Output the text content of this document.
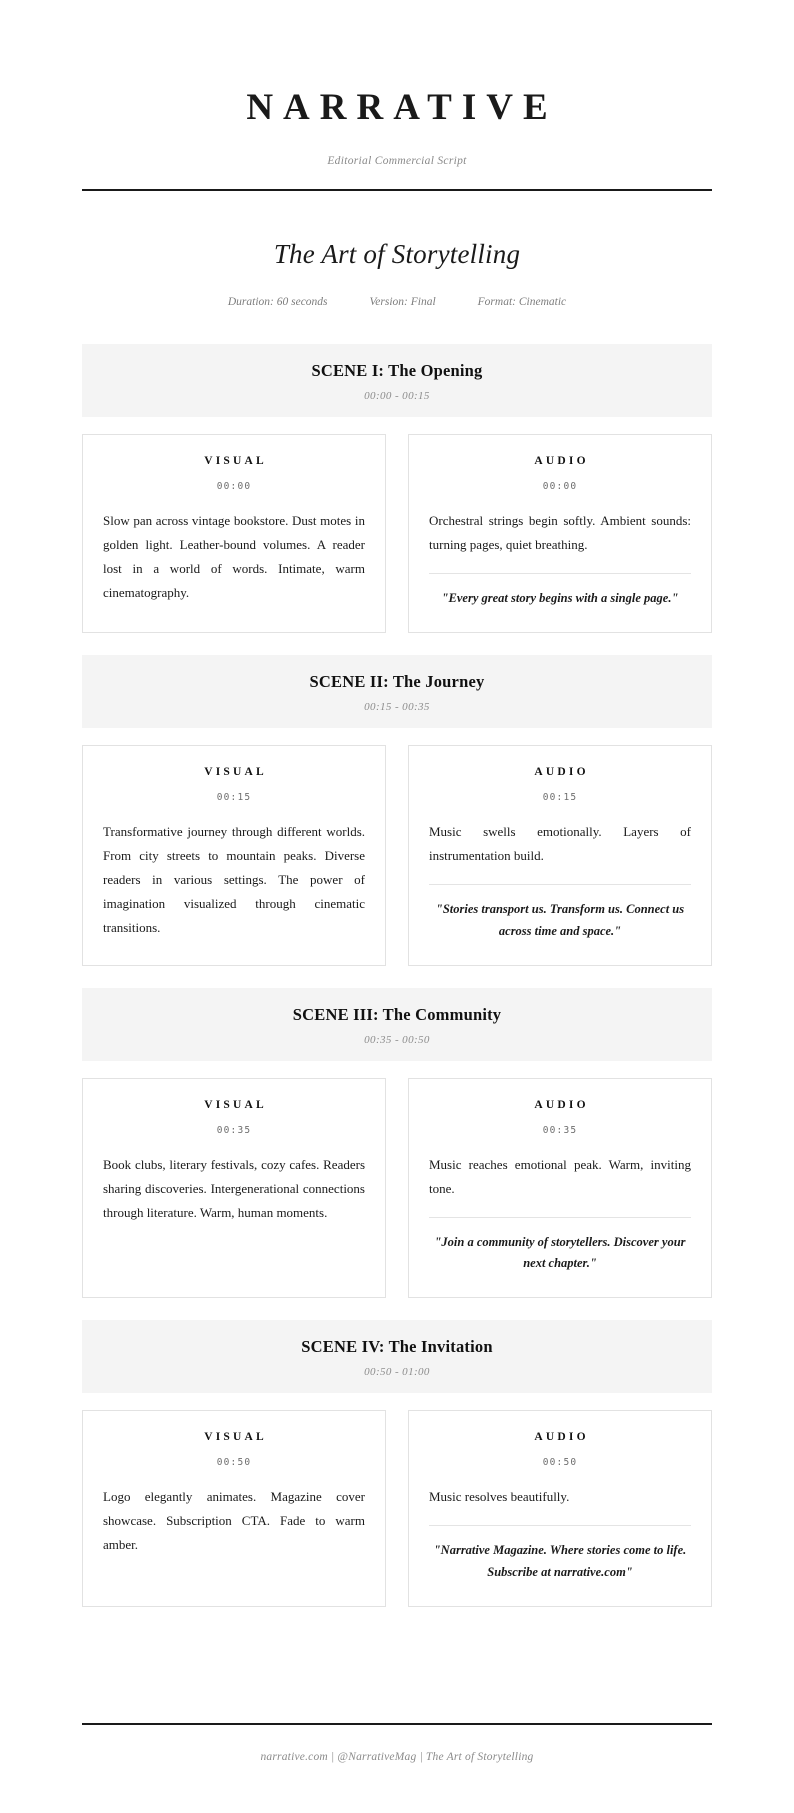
NARRATIVE
Editorial Commercial Script
The Art of Storytelling
Duration: 60 seconds	Version: Final	Format: Cinematic
SCENE I: The Opening
00:00 - 00:15
VISUAL
00:00

Slow pan across vintage bookstore. Dust motes in golden light. Leather-bound volumes. A reader lost in a world of words. Intimate, warm cinematography.

AUDIO
00:00

Orchestral strings begin softly. Ambient sounds: turning pages, quiet breathing.

"Every great story begins with a single page."

SCENE II: The Journey
00:15 - 00:35
VISUAL
00:15

Transformative journey through different worlds. From city streets to mountain peaks. Diverse readers in various settings. The power of imagination visualized through cinematic transitions.

AUDIO
00:15

Music swells emotionally. Layers of instrumentation build.

"Stories transport us. Transform us. Connect us across time and space."

SCENE III: The Community
00:35 - 00:50
VISUAL
00:35

Book clubs, literary festivals, cozy cafes. Readers sharing discoveries. Intergenerational connections through literature. Warm, human moments.

AUDIO
00:35

Music reaches emotional peak. Warm, inviting tone.

"Join a community of storytellers. Discover your next chapter."

SCENE IV: The Invitation
00:50 - 01:00
VISUAL
00:50

Logo elegantly animates. Magazine cover showcase. Subscription CTA. Fade to warm amber.

AUDIO
00:50

Music resolves beautifully.

"Narrative Magazine. Where stories come to life. Subscribe at narrative.com"

narrative.com | @NarrativeMag | The Art of Storytelling
